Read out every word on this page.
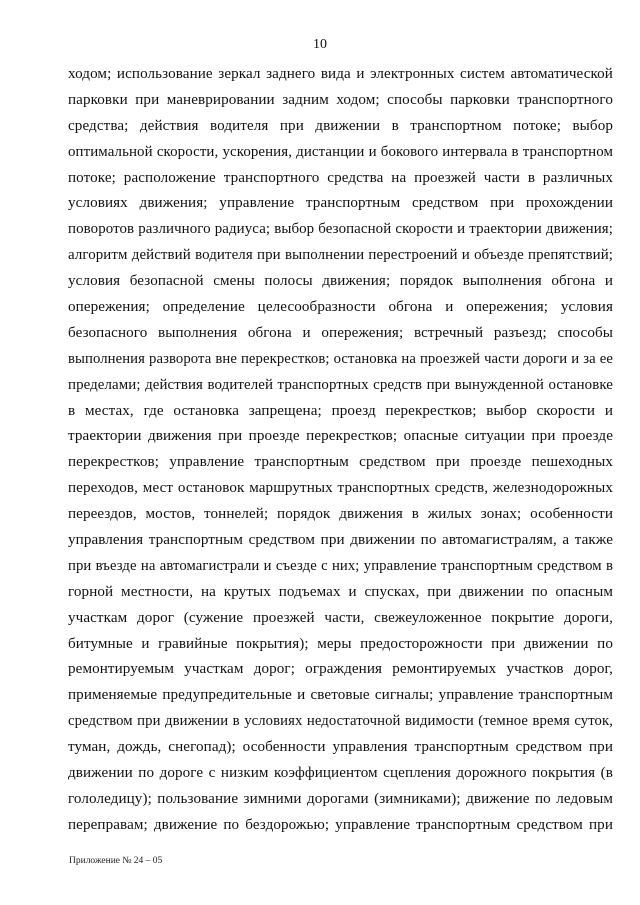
10
ходом; использование зеркал заднего вида и электронных систем автоматической
парковки при маневрировании задним ходом; способы парковки транспортного
средства; действия водителя при движении в транспортном потоке; выбор
оптимальной скорости, ускорения, дистанции и бокового интервала в транспортном
потоке; расположение транспортного средства на проезжей части в различных
условиях движения; управление транспортным средством при прохождении
поворотов различного радиуса; выбор безопасной скорости и траектории движения;
алгоритм действий водителя при выполнении перестроений и объезде препятствий;
условия безопасной смены полосы движения; порядок выполнения обгона и
опережения; определение целесообразности обгона и опережения; условия
безопасного выполнения обгона и опережения; встречный разъезд; способы
выполнения разворота вне перекрестков; остановка на проезжей части дороги и за ее
пределами; действия водителей транспортных средств при вынужденной остановке
в местах, где остановка запрещена; проезд перекрестков; выбор скорости и
траектории движения при проезде перекрестков; опасные ситуации при проезде
перекрестков; управление транспортным средством при проезде пешеходных
переходов, мест остановок маршрутных транспортных средств, железнодорожных
переездов, мостов, тоннелей; порядок движения в жилых зонах; особенности
управления транспортным средством при движении по автомагистралям, а также
при въезде на автомагистрали и съезде с них; управление транспортным средством в
горной местности, на крутых подъемах и спусках, при движении по опасным
участкам дорог (сужение проезжей части, свежеуложенное покрытие дороги,
битумные и гравийные покрытия); меры предосторожности при движении по
ремонтируемым участкам дорог; ограждения ремонтируемых участков дорог,
применяемые предупредительные и световые сигналы; управление транспортным
средством при движении в условиях недостаточной видимости (темное время суток,
туман, дождь, снегопад); особенности управления транспортным средством при
движении по дороге с низким коэффициентом сцепления дорожного покрытия (в
гололедицу); пользование зимними дорогами (зимниками); движение по ледовым
переправам; движение по бездорожью; управление транспортным средством при
Приложение № 24 – 05
